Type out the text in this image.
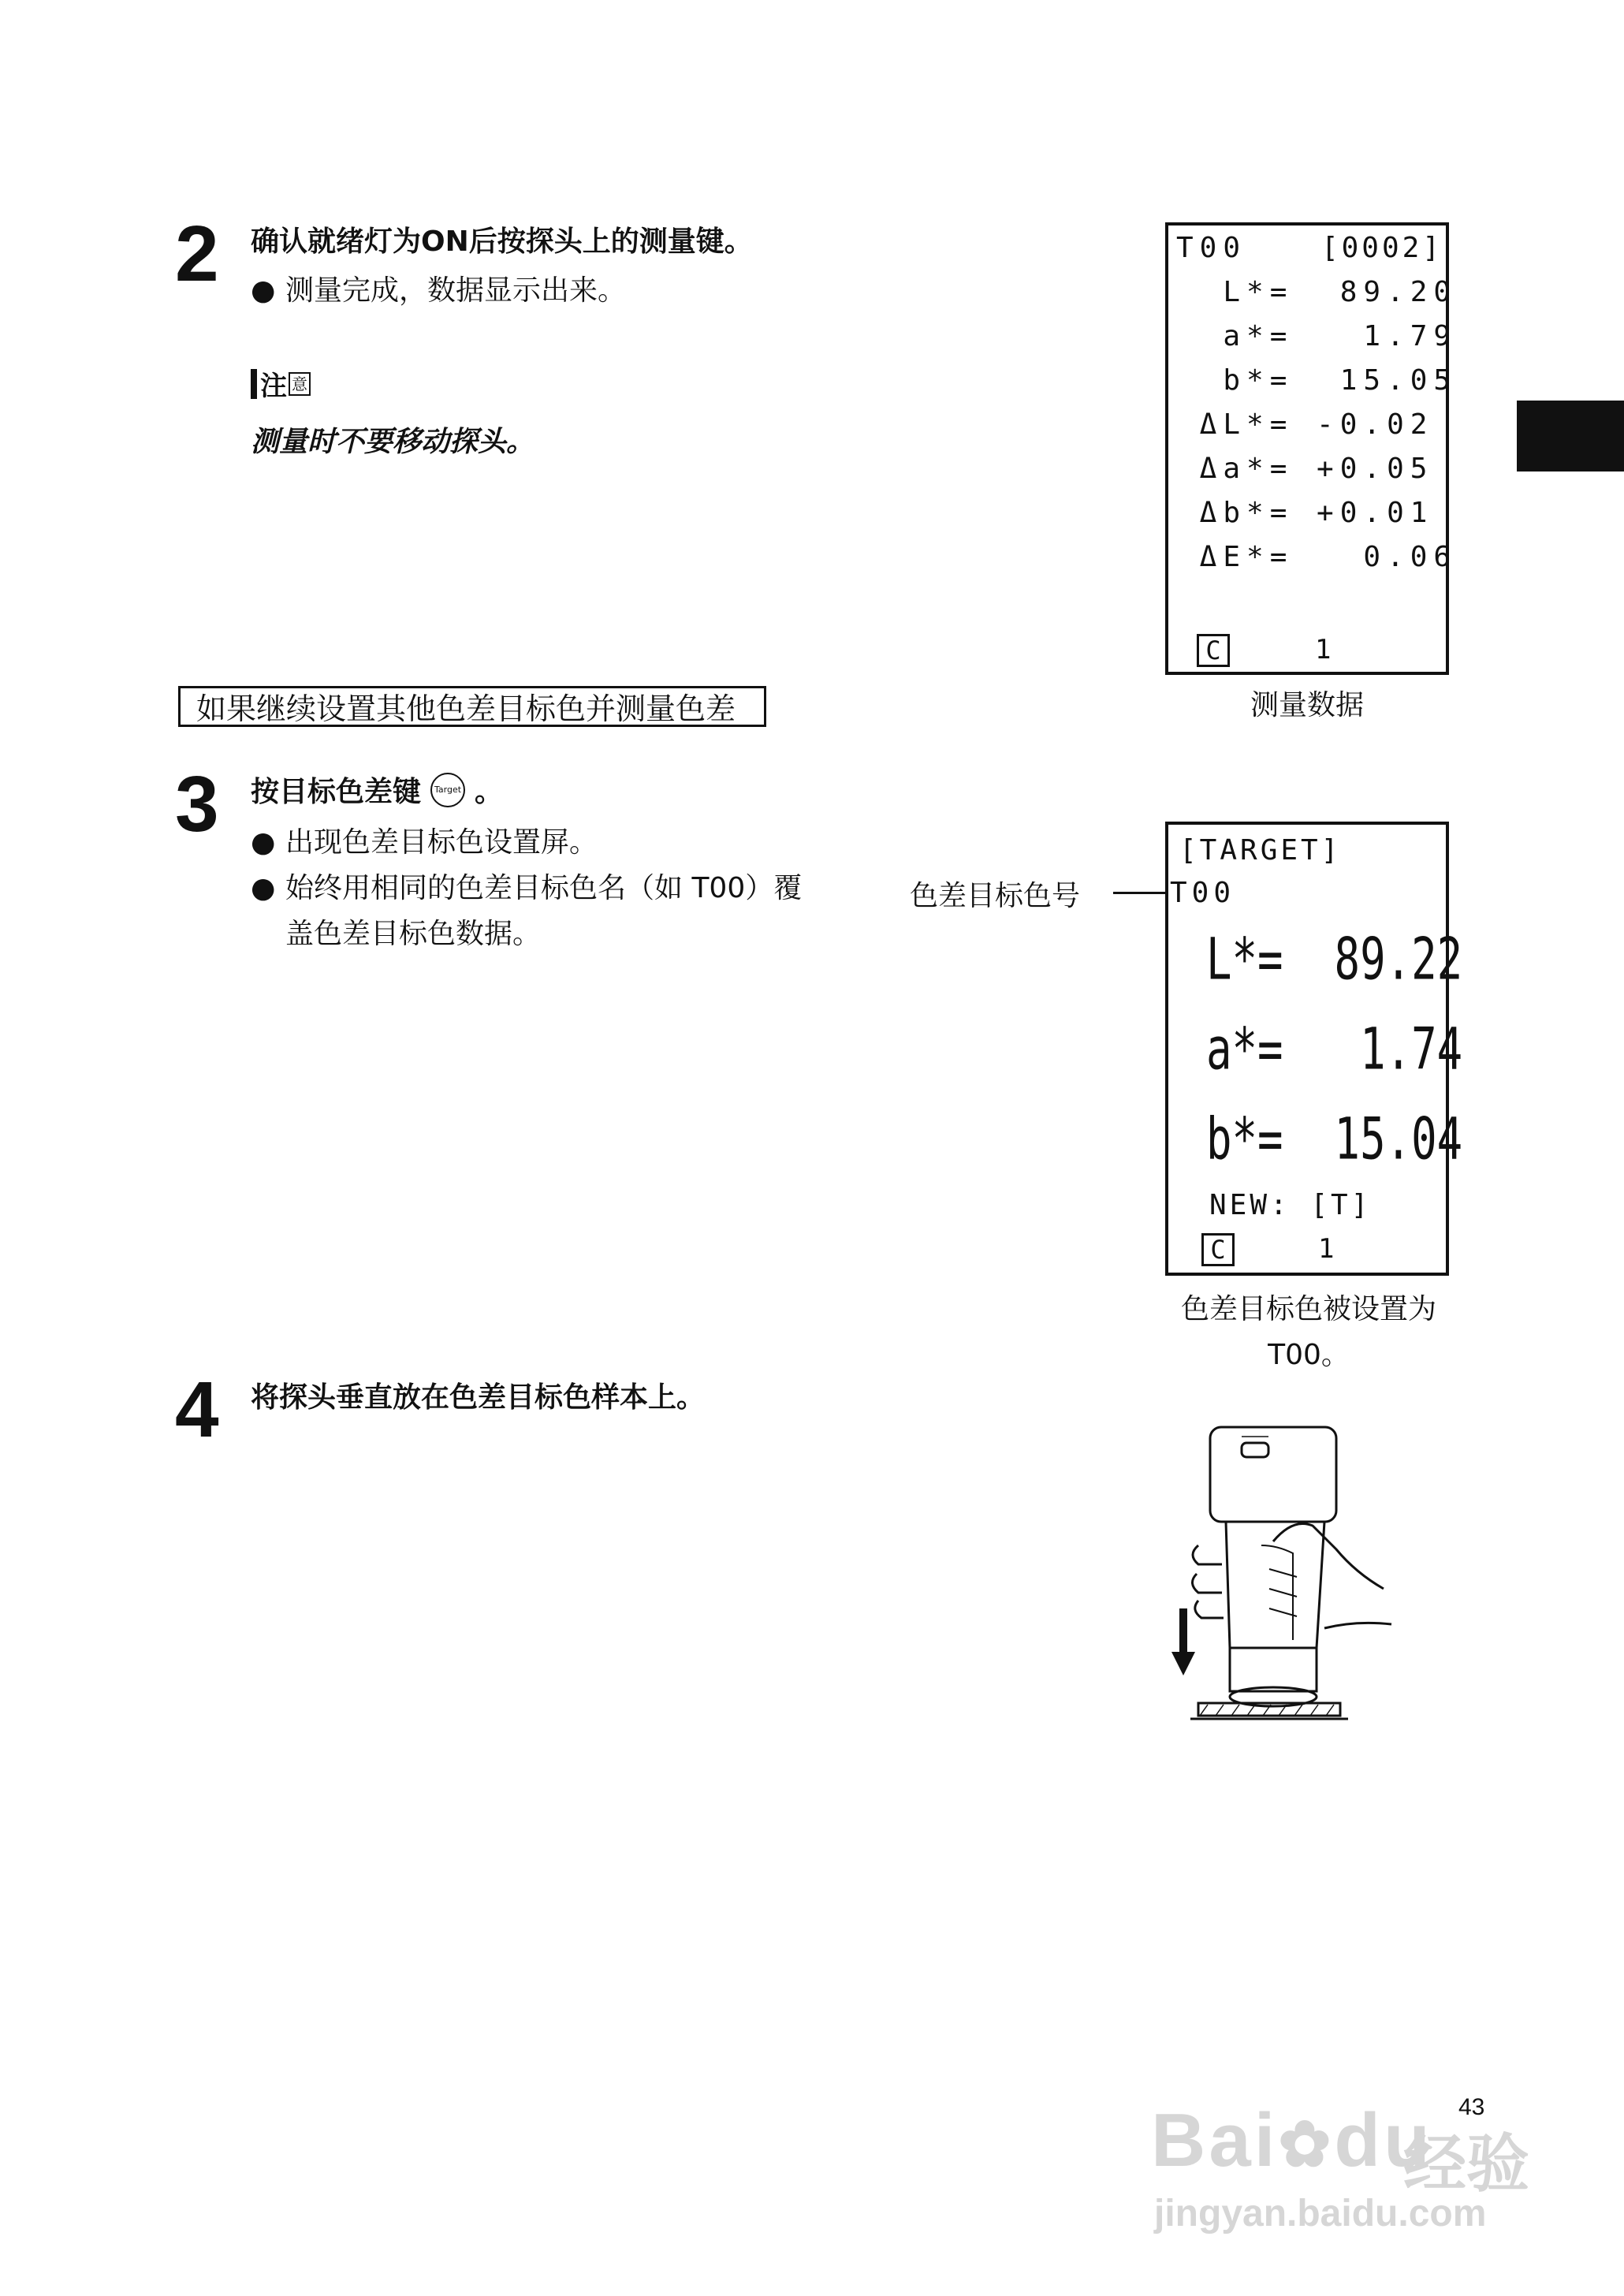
2 确认就绪灯为ON后按探头上的测量键。
● 测量完成，数据显示出来。
注 意
测量时不要移动探头。
T00	[0002]
L*=  89.20
a*=   1.79
b*=  15.05
ΔL*= -0.02
Δa*= +0.05
Δb*= +0.01
ΔE*=   0.06
C	1
测量数据
如果继续设置其他色差目标色并测量色差
3 按目标色差键	Target 。
● 出现色差目标色设置屏。
● 始终用相同的色差目标色名（如 T00）覆
盖色差目标色数据。
色差目标色号
[TARGET]
T00
L*=  89.22
a*=   1.74
b*=  15.04
NEW: [T]
C	1
色差目标色被设置为
T00。
4 将探头垂直放在色差目标色样本上。
Bai✿du
经验
jingyan.baidu.com
43
